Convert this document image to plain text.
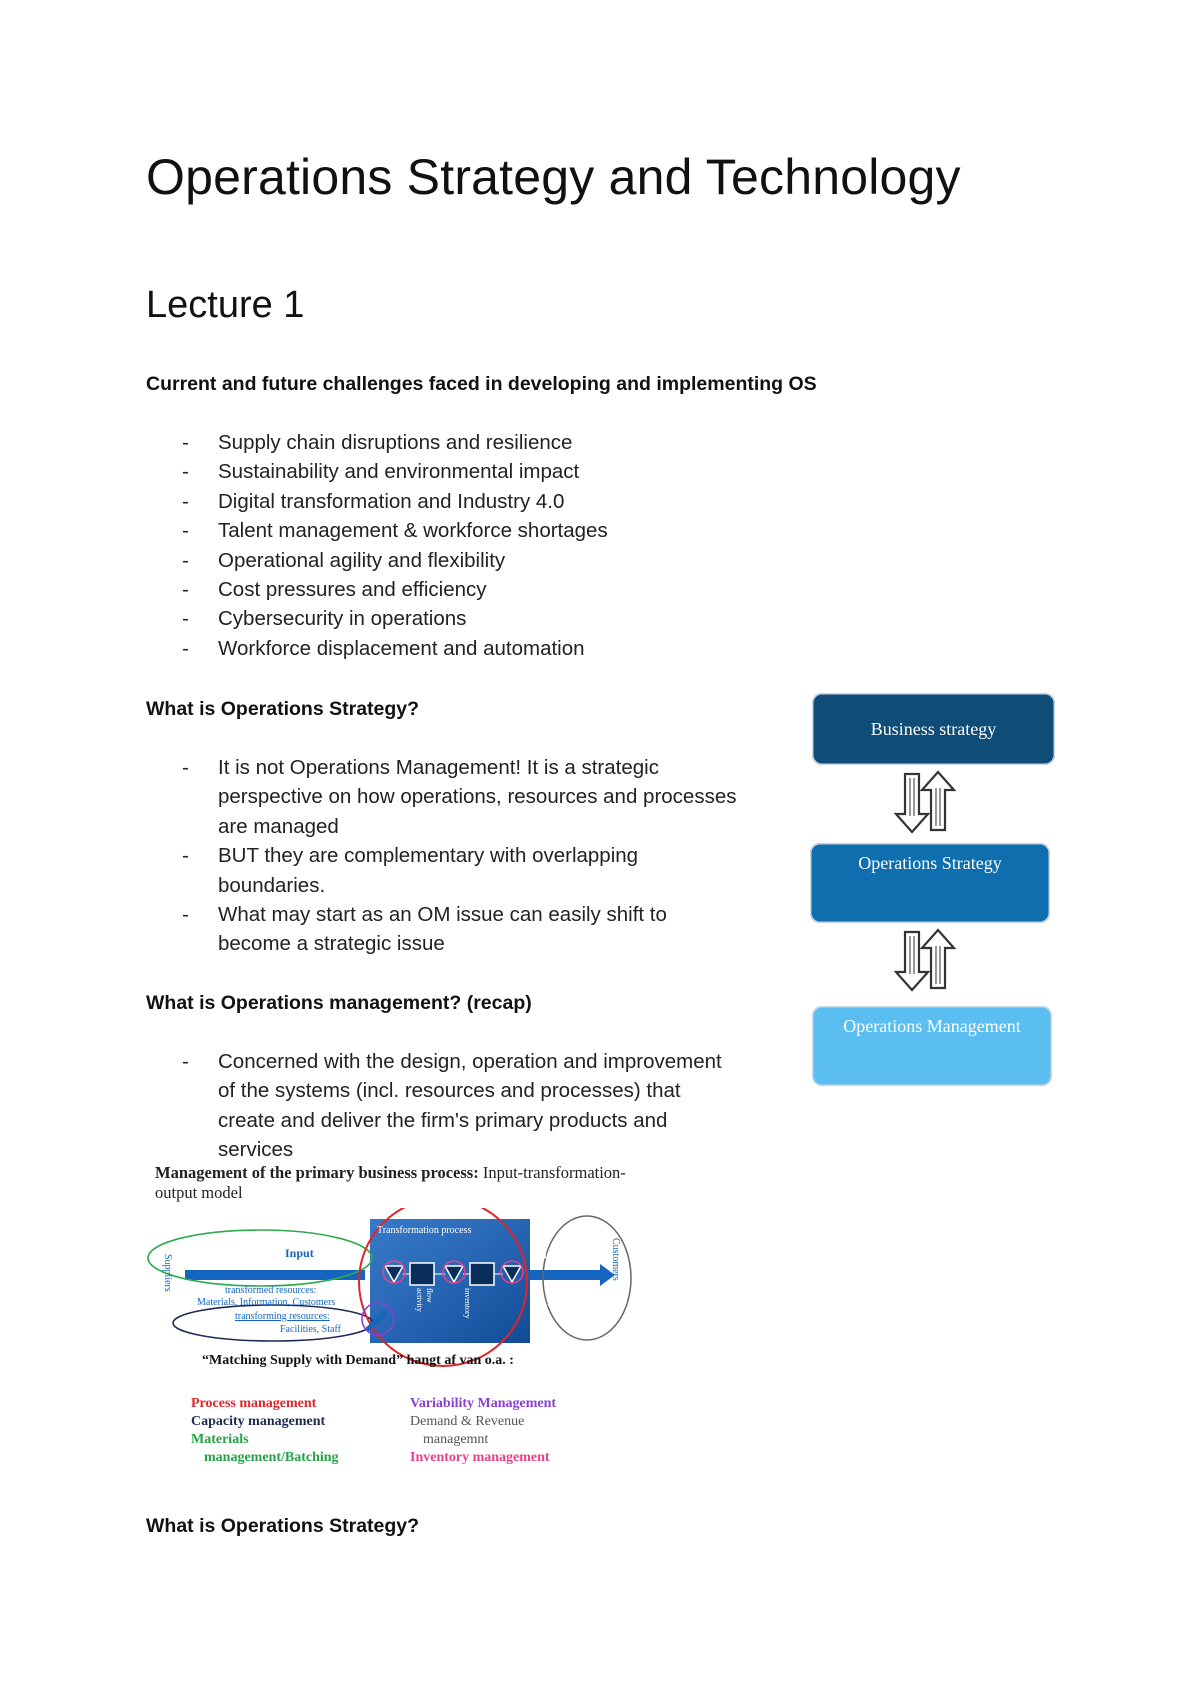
Operations Strategy and Technology
Lecture 1
Current and future challenges faced in developing and implementing OS
- Supply chain disruptions and resilience
- Sustainability and environmental impact
- Digital transformation and Industry 4.0
- Talent management & workforce shortages
- Operational agility and flexibility
- Cost pressures and efficiency
- Cybersecurity in operations
- Workforce displacement and automation
What is Operations Strategy?
- It is not Operations Management! It is a strategic
perspective on how operations, resources and processes
are managed
- BUT they are complementary with overlapping
boundaries.
- What may start as an OM issue can easily shift to
become a strategic issue
What is Operations management? (recap)
- Concerned with the design, operation and improvement
of the systems (incl. resources and processes) that
create and deliver the firm's primary products and
services
Business strategy
Operations Strategy
Operations Management
Management of the primary business process: Input-transformation-
output model
Input
transformed resources:
Materials, Information, Customers
transforming resources:
Facilities, Staff
Suppliers
Transformation process
Output
Products
Services
Customers
flow
activity	inventory
“Matching Supply with Demand” hangt af van o.a. :
Process management
Capacity management
Materials
management/Batching
Variability Management
Demand & Revenue
managemnt
Inventory management
What is Operations Strategy?
